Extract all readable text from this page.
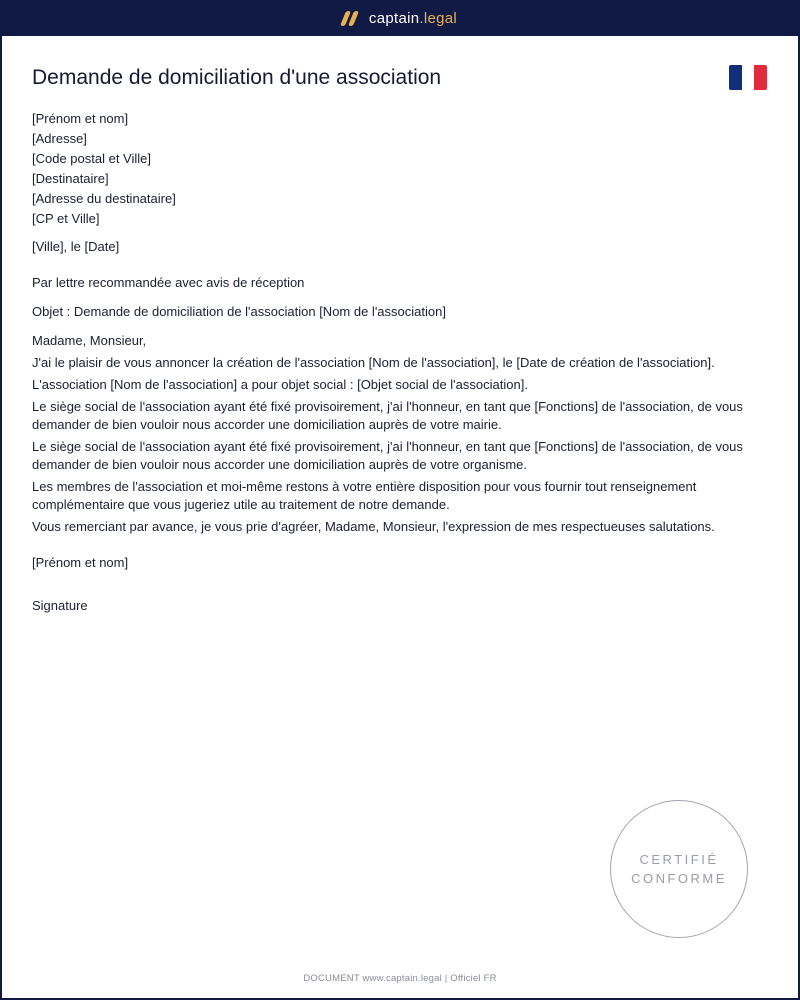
captain .legal
Demande de domiciliation d'une association
[Prénom et nom]
[Adresse]
[Code postal et Ville]
[Destinataire]
[Adresse du destinataire]
[CP et Ville]

[Ville], le [Date]

Par lettre recommandée avec avis de réception

Objet : Demande de domiciliation de l'association [Nom de l'association]

Madame, Monsieur,

J'ai le plaisir de vous annoncer la création de l'association [Nom de l'association], le [Date de création de l'association].

L'association [Nom de l'association] a pour objet social : [Objet social de l'association].

Le siège social de l'association ayant été fixé provisoirement, j'ai l'honneur, en tant que [Fonctions] de l'association, de vous demander de bien vouloir nous accorder une domiciliation auprès de votre mairie.

Le siège social de l'association ayant été fixé provisoirement, j'ai l'honneur, en tant que [Fonctions] de l'association, de vous demander de bien vouloir nous accorder une domiciliation auprès de votre organisme.

Les membres de l'association et moi-même restons à votre entière disposition pour vous fournir tout renseignement complémentaire que vous jugeriez utile au traitement de notre demande.

Vous remerciant par avance, je vous prie d'agréer, Madame, Monsieur, l'expression de mes respectueuses salutations.

[Prénom et nom]

Signature

CERTIFIÉ
CONFORME
DOCUMENT www.captain.legal | Officiel FR
